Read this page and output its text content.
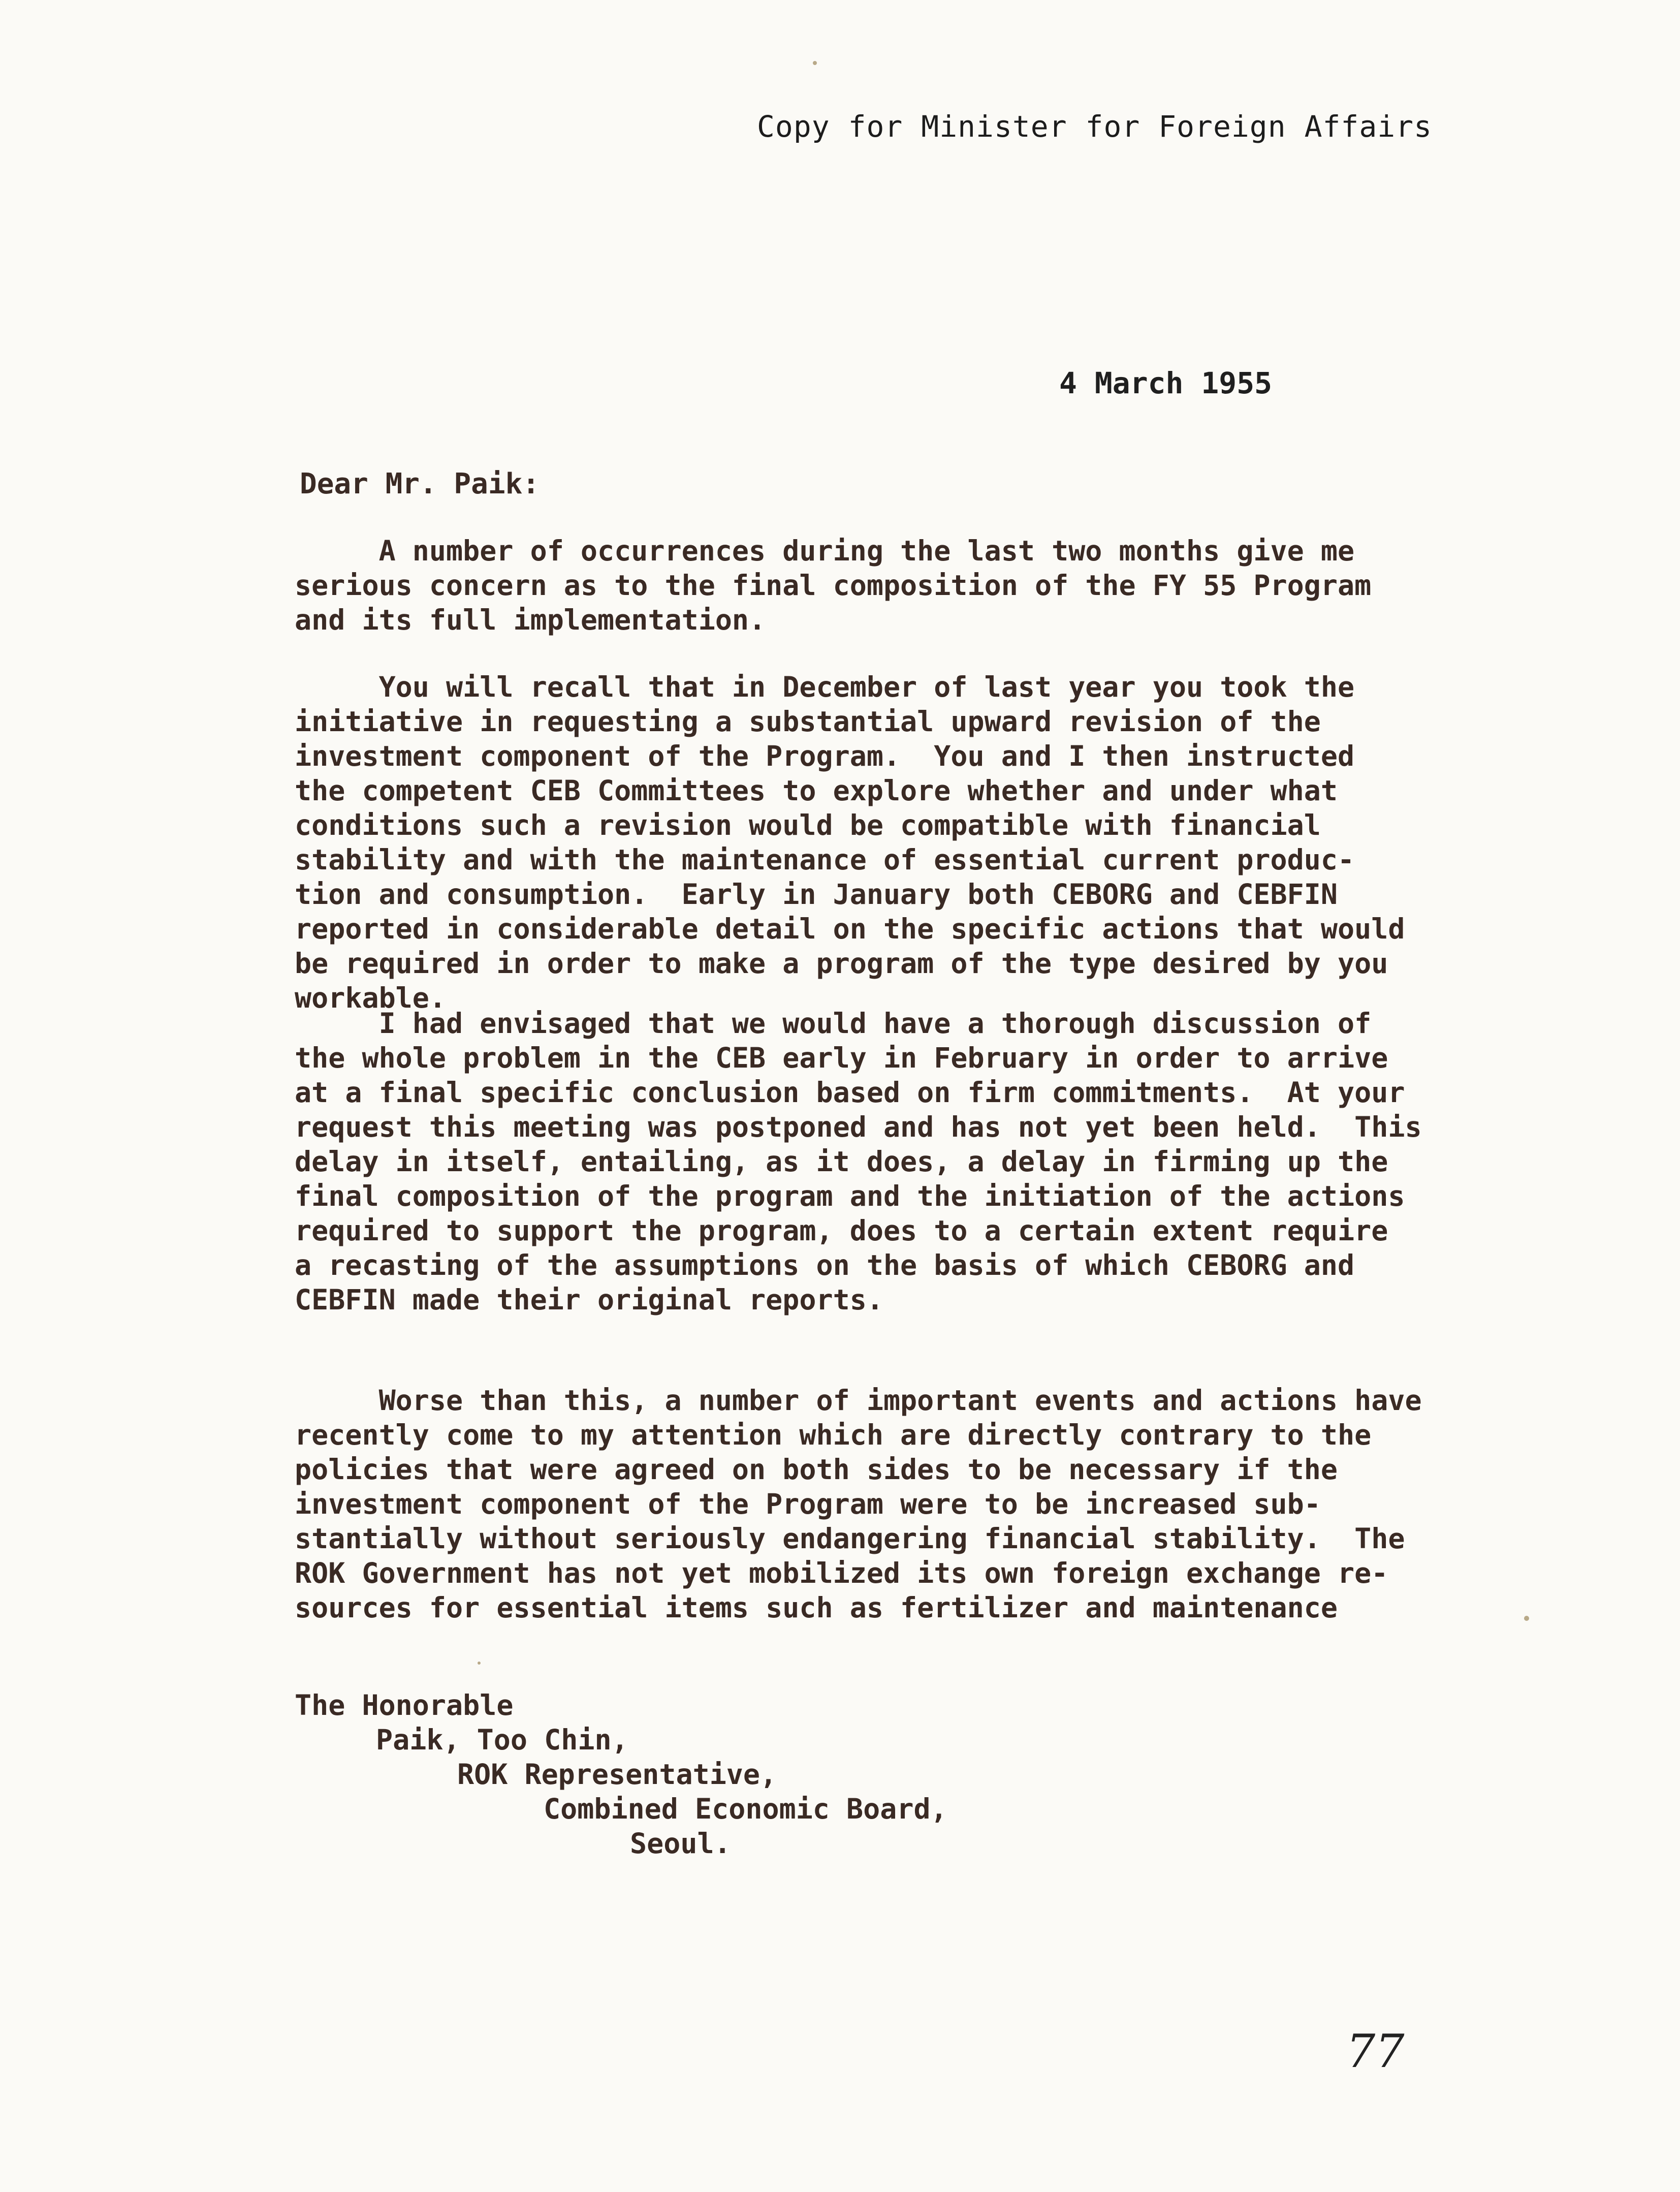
Copy for Minister for Foreign Affairs
4 March 1955
Dear Mr. Paik:
A number of occurrences during the last two months give me
serious concern as to the final composition of the FY 55 Program
and its full implementation.
You will recall that in December of last year you took the
initiative in requesting a substantial upward revision of the
investment component of the Program.  You and I then instructed
the competent CEB Committees to explore whether and under what
conditions such a revision would be compatible with financial
stability and with the maintenance of essential current produc-
tion and consumption.  Early in January both CEBORG and CEBFIN
reported in considerable detail on the specific actions that would
be required in order to make a program of the type desired by you
workable.
I had envisaged that we would have a thorough discussion of
the whole problem in the CEB early in February in order to arrive
at a final specific conclusion based on firm commitments.  At your
request this meeting was postponed and has not yet been held.  This
delay in itself, entailing, as it does, a delay in firming up the
final composition of the program and the initiation of the actions
required to support the program, does to a certain extent require
a recasting of the assumptions on the basis of which CEBORG and
CEBFIN made their original reports.
Worse than this, a number of important events and actions have
recently come to my attention which are directly contrary to the
policies that were agreed on both sides to be necessary if the
investment component of the Program were to be increased sub-
stantially without seriously endangering financial stability.  The
ROK Government has not yet mobilized its own foreign exchange re-
sources for essential items such as fertilizer and maintenance
The Honorable
Paik, Too Chin,
ROK Representative,
Combined Economic Board,
Seoul.
77
